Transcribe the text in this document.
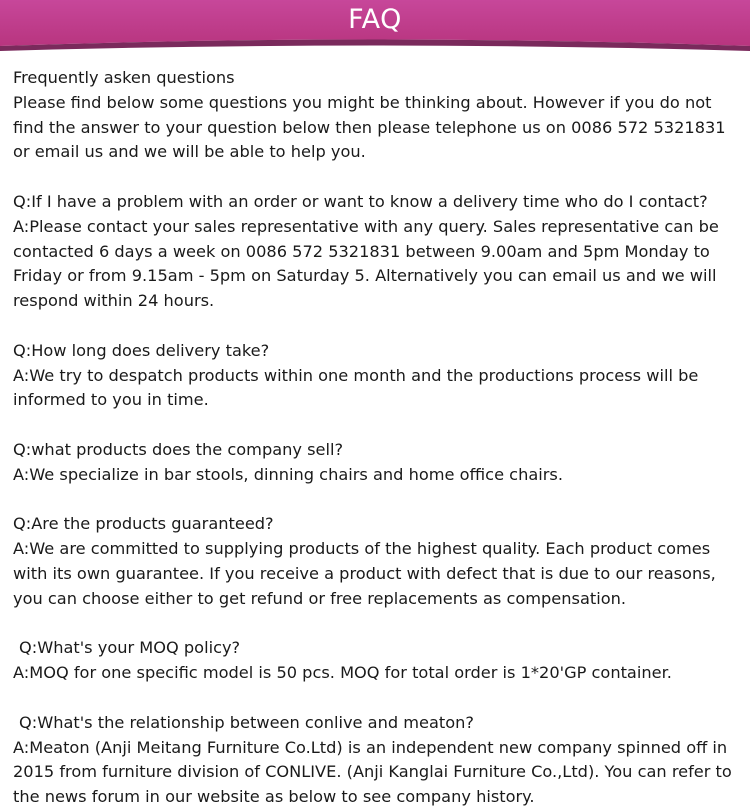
FAQ
Frequently asken questions
Please find below some questions you might be thinking about. However if you do not
find the answer to your question below then please telephone us on 0086 572 5321831
or email us and we will be able to help you.
Q:If I have a problem with an order or want to know a delivery time who do I contact?
A:Please contact your sales representative with any query. Sales representative can be
contacted 6 days a week on 0086 572 5321831 between 9.00am and 5pm Monday to
Friday or from 9.15am - 5pm on Saturday 5. Alternatively you can email us and we will
respond within 24 hours.
Q:How long does delivery take?
A:We try to despatch products within one month and the productions process will be
informed to you in time.
Q:what products does the company sell?
A:We specialize in bar stools, dinning chairs and home office chairs.
Q:Are the products guaranteed?
A:We are committed to supplying products of the highest quality. Each product comes
with its own guarantee. If you receive a product with defect that is due to our reasons,
you can choose either to get refund or free replacements as compensation.
Q:What's your MOQ policy?
A:MOQ for one specific model is 50 pcs. MOQ for total order is 1*20'GP container.
Q:What's the relationship between conlive and meaton?
A:Meaton (Anji Meitang Furniture Co.Ltd) is an independent new company spinned off in
2015 from furniture division of CONLIVE. (Anji Kanglai Furniture Co.,Ltd). You can refer to
the news forum in our website as below to see company history.
